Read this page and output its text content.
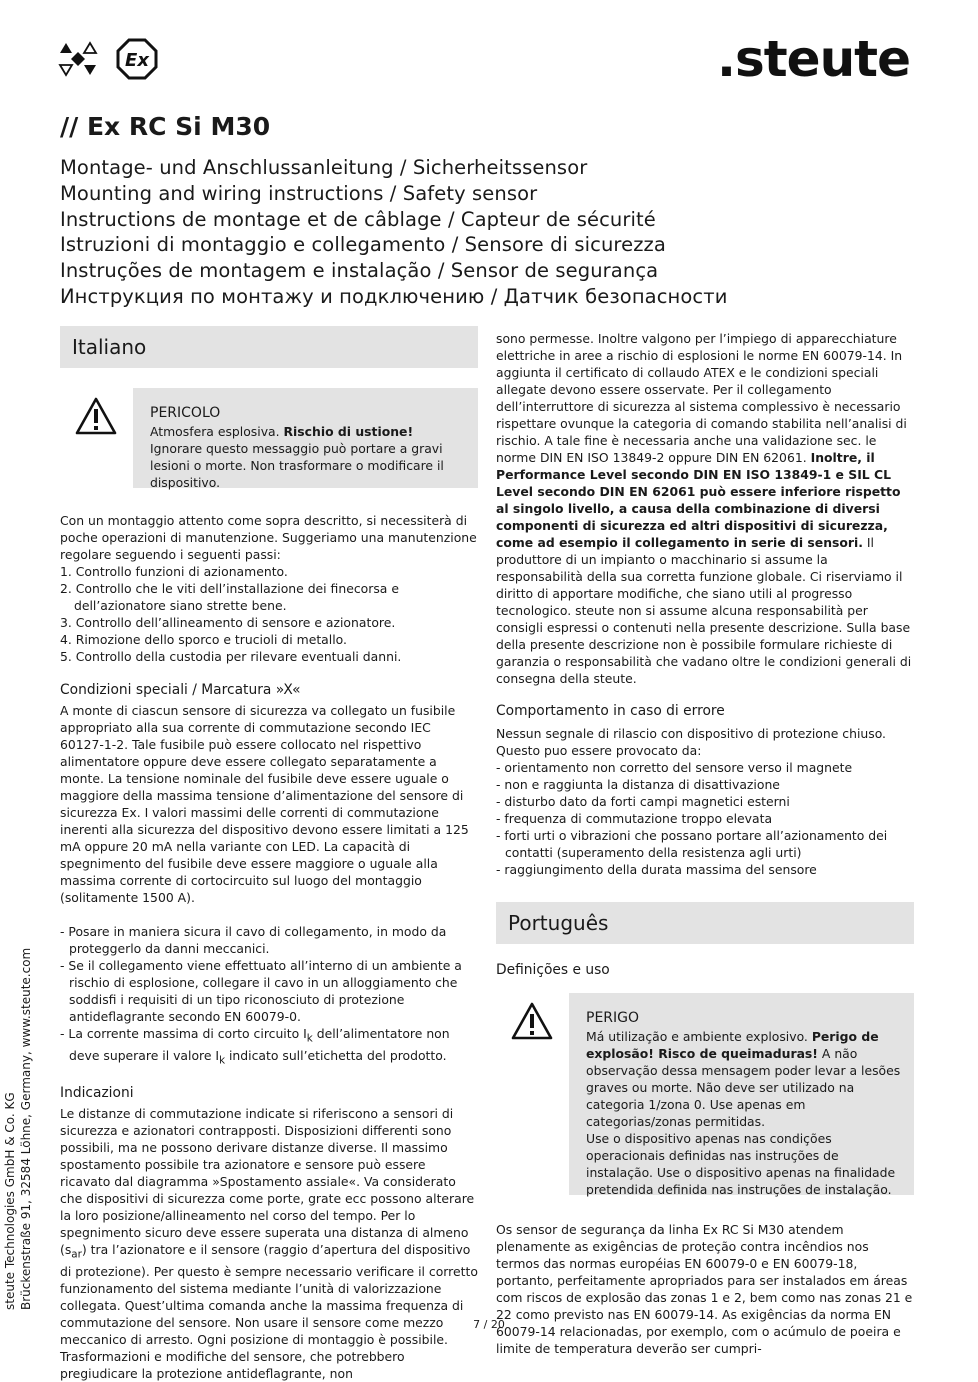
Ex	.steute
// Ex RC Si M30
Montage- und Anschlussanleitung / Sicherheitssensor
Mounting and wiring instructions / Safety sensor
Instructions de montage et de câblage / Capteur de sécurité
Istruzioni di montaggio e collegamento / Sensore di sicurezza
Instruções de montagem e instalação / Sensor de segurança
Инструкция по монтажу и подключению / Датчик безопасности
Italiano
PERICOLO

Atmosfera esplosiva. Rischio di ustione! Ignorare questo messaggio può portare a gravi lesioni o morte. Non trasformare o modificare il dispositivo.

Con un montaggio attento come sopra descritto, si necessiterà di poche operazioni di manutenzione. Suggeriamo una manutenzione regolare seguendo i seguenti passi:

1. Controllo funzioni di azionamento.

2. Controllo che le viti dell’installazione dei finecorsa e dell’azionatore siano strette bene.

3. Controllo dell’allineamento di sensore e azionatore.

4. Rimozione dello sporco e trucioli di metallo.

5. Controllo della custodia per rilevare eventuali danni.

Condizioni speciali / Marcatura »X«

A monte di ciascun sensore di sicurezza va collegato un fusibile appropriato alla sua corrente di commutazione secondo IEC 60127-1-2. Tale fusibile può essere collocato nel rispettivo alimentatore oppure deve essere collegato separatamente a monte. La tensione nominale del fusibile deve essere uguale o maggiore della massima tensione d’alimentazione del sensore di sicurezza Ex. I valori massimi delle correnti di commutazione inerenti alla sicurezza del dispositivo devono essere limitati a 125 mA oppure 20 mA nella variante con LED. La capacità di spegnimento del fusibile deve essere maggiore o uguale alla massima corrente di cortocircuito sul luogo del montaggio (solitamente 1500 A).

- Posare in maniera sicura il cavo di collegamento, in modo da proteggerlo da danni meccanici.

- Se il collegamento viene effettuato all’interno di un ambiente a rischio di esplosione, collegare il cavo in un alloggiamento che soddisfi i requisiti di un tipo riconosciuto di protezione antideflagrante secondo EN 60079-0.

- La corrente massima di corto circuito $I_k$ dell’alimentatore non deve superare il valore $I_k$ indicato sull’etichetta del prodotto.

Indicazioni

Le distanze di commutazione indicate si riferiscono a sensori di sicurezza e azionatori contrapposti. Disposizioni differenti sono possibili, ma ne possono derivare distanze diverse. Il massimo spostamento possibile tra azionatore e sensore può essere ricavato dal diagramma »Spostamento assiale«. Va considerato che dispositivi di sicurezza come porte, grate ecc possono alterare la loro posizione/allineamento nel corso del tempo. Per lo spegnimento sicuro deve essere superata una distanza di almeno $(s_{ar})$ tra l’azionatore e il sensore (raggio d’apertura del dispositivo di protezione). Per questo è sempre necessario verificare il corretto funzionamento del sistema mediante l’unità di valorizzazione collegata. Quest’ultima comanda anche la massima frequenza di commutazione del sensore. Non usare il sensore come mezzo meccanico di arresto. Ogni posizione di montaggio è possibile. Trasformazioni e modifiche del sensore, che potrebbero pregiudicare la protezione antideflagrante, non

sono permesse. Inoltre valgono per l’impiego di apparecchiature elettriche in aree a rischio di esplosioni le norme EN 60079-14. In aggiunta il certificato di collaudo ATEX e le condizioni speciali allegate devono essere osservate. Per il collegamento dell’interruttore di sicurezza al sistema complessivo è necessario rispettare ovunque la categoria di comando stabilita nell’analisi di rischio. A tale fine è necessaria anche una validazione sec. le norme DIN EN ISO 13849-2 oppure DIN EN 62061. Inoltre, il Performance Level secondo DIN EN ISO 13849-1 e SIL CL Level secondo DIN EN 62061 può essere inferiore rispetto al singolo livello, a causa della combinazione di diversi componenti di sicurezza ed altri dispositivi di sicurezza, come ad esempio il collegamento in serie di sensori. Il produttore di un impianto o macchinario si assume la responsabilità della sua corretta funzione globale. Ci riserviamo il diritto di apportare modifiche, che siano utili al progresso tecnologico. steute non si assume alcuna responsabilità per consigli espressi o contenuti nella presente descrizione. Sulla base della presente descrizione non è possibile formulare richieste di garanzia o responsabilità che vadano oltre le condizioni generali di consegna della steute.

Comportamento in caso di errore

Nessun segnale di rilascio con dispositivo di protezione chiuso. Questo puo essere provocato da:

- orientamento non corretto del sensore verso il magnete

- non e raggiunta la distanza di disattivazione

- disturbo dato da forti campi magnetici esterni

- frequenza di commutazione troppo elevata

- forti urti o vibrazioni che possano portare all’azionamento dei contatti (superamento della resistenza agli urti)

- raggiungimento della durata massima del sensore

Português
Definições e uso
PERIGO

Má utilização e ambiente explosivo. Perigo de explosão! Risco de queimaduras! A não observação dessa mensagem poder levar a lesões graves ou morte. Não deve ser utilizado na categoria 1/zona 0. Use apenas em categorias/zonas permitidas.

Use o dispositivo apenas nas condições operacionais definidas nas instruções de instalação. Use o dispositivo apenas na finalidade pretendida definida nas instruções de instalação.

Os sensor de segurança da linha Ex RC Si M30 atendem plenamente as exigências de proteção contra incêndios nos termos das normas européias EN 60079-0 e EN 60079-18, portanto, perfeitamente apropriados para ser instalados em áreas com riscos de explosão das zonas 1 e 2, bem como nas zonas 21 e 22 como previsto nas EN 60079-14. As exigências da norma EN 60079-14 relacionadas, por exemplo, com o acúmulo de poeira e limite de temperatura deverão ser cumpri-

steute Technologies GmbH & Co. KG Brückenstraße 91, 32584 Löhne, Germany, www.steute.com
7 / 20
